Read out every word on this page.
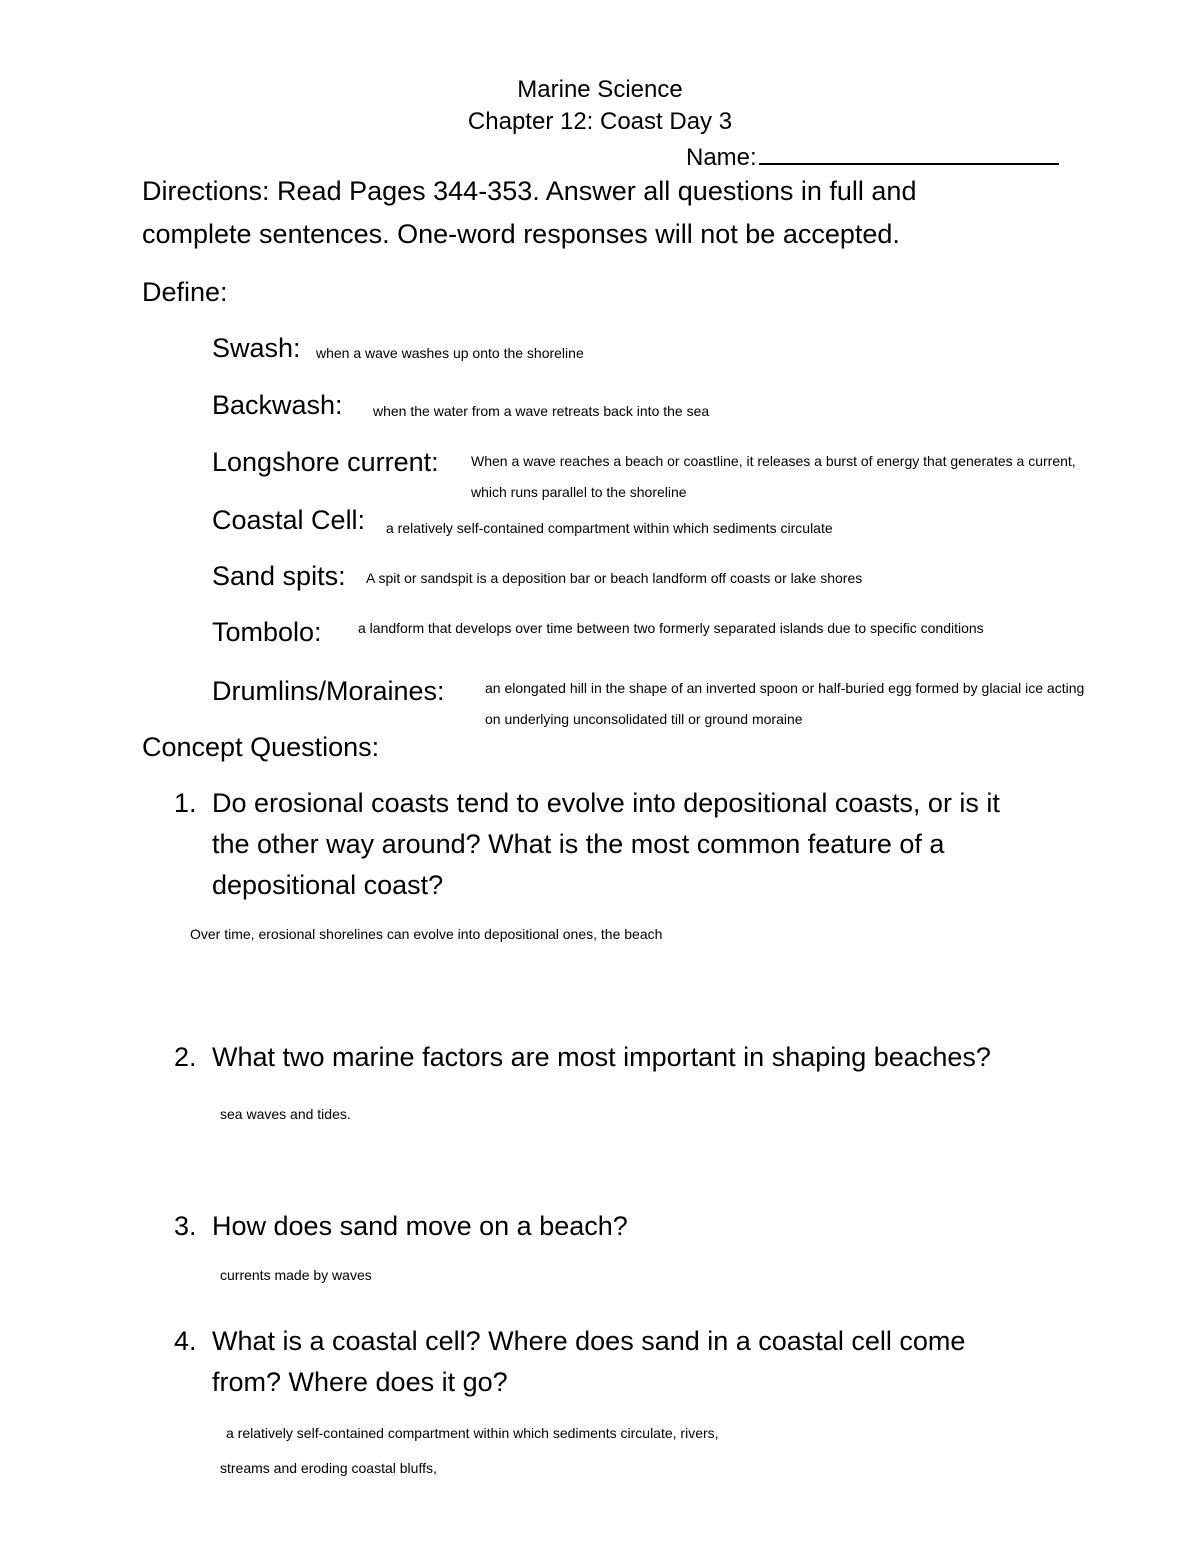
Marine Science
Chapter 12: Coast Day 3
Name:
Directions: Read Pages 344-353. Answer all questions in full and
complete sentences. One-word responses will not be accepted.
Define:
Swash: when a wave washes up onto the shoreline
Backwash: when the water from a wave retreats back into the sea
Longshore current: When a wave reaches a beach or coastline, it releases a burst of energy that generates a current,
which runs parallel to the shoreline
Coastal Cell: a relatively self-contained compartment within which sediments circulate
Sand spits: A spit or sandspit is a deposition bar or beach landform off coasts or lake shores
Tombolo:	a landform that develops over time between two formerly separated islands due to specific conditions
Drumlins/Moraines:	an elongated hill in the shape of an inverted spoon or half-buried egg formed by glacial ice acting
on underlying unconsolidated till or ground moraine
Concept Questions:
1. Do erosional coasts tend to evolve into depositional coasts, or is it
the other way around? What is the most common feature of a
depositional coast?
Over time, erosional shorelines can evolve into depositional ones, the beach
2. What two marine factors are most important in shaping beaches?
sea waves and tides.
3. How does sand move on a beach?
currents made by waves
4. What is a coastal cell? Where does sand in a coastal cell come
from? Where does it go?
a relatively self-contained compartment within which sediments circulate, rivers,
streams and eroding coastal bluffs,
